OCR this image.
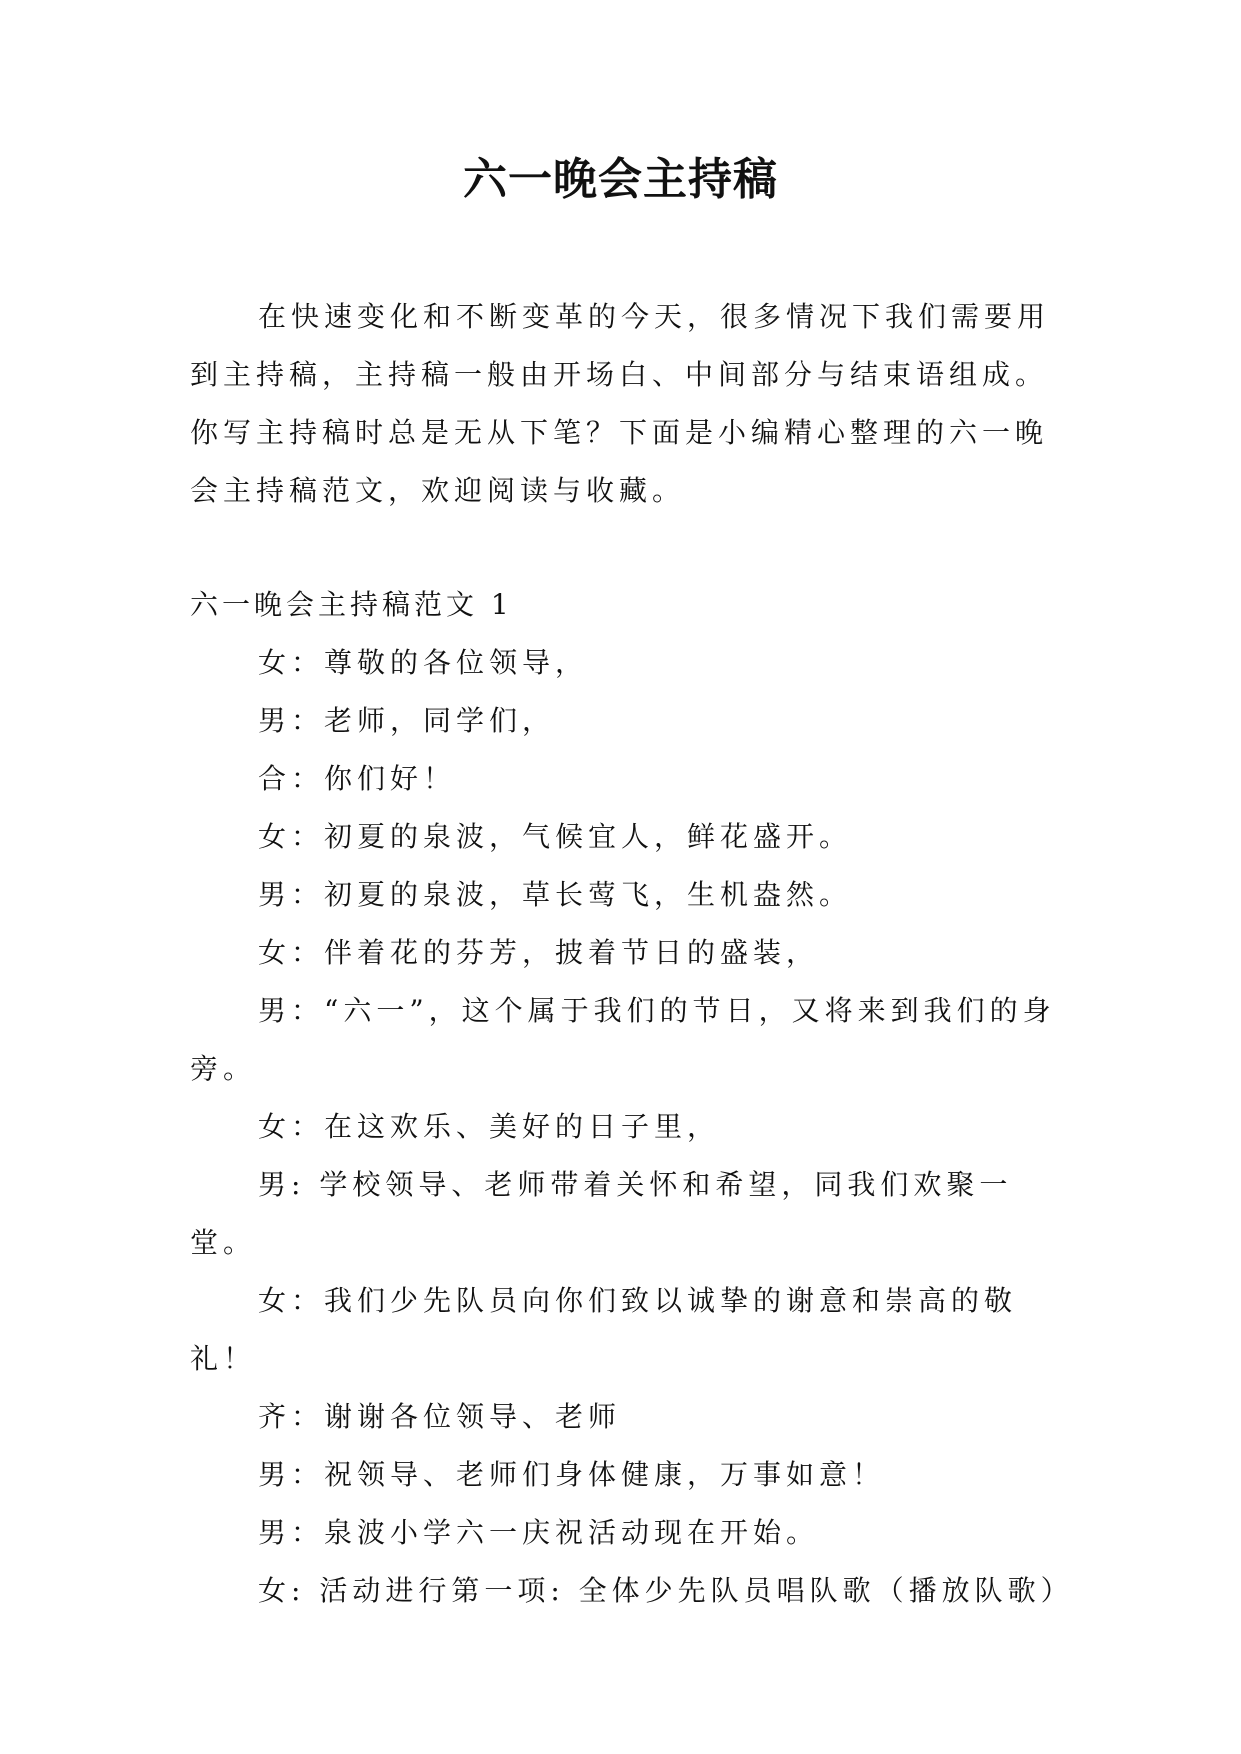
六一晚会主持稿

在快速变化和不断变革的今天，很多情况下我们需要用到主持稿，主持稿一般由开场白、中间部分与结束语组成。你写主持稿时总是无从下笔？下面是小编精心整理的六一晚会主持稿范文，欢迎阅读与收藏。

六一晚会主持稿范文 1

女：尊敬的各位领导，

男：老师，同学们，

合：你们好！

女：初夏的泉波，气候宜人，鲜花盛开。

男：初夏的泉波，草长莺飞，生机盎然。

女：伴着花的芬芳，披着节日的盛装，

男：“六一”，这个属于我们的节日，又将来到我们的身旁。

女：在这欢乐、美好的日子里，

男: 学校领导、老师带着关怀和希望，同我们欢聚一堂。

女：我们少先队员向你们致以诚挚的谢意和崇高的敬礼！

齐：谢谢各位领导、老师

男：祝领导、老师们身体健康，万事如意！

男：泉波小学六一庆祝活动现在开始。

女: 活动进行第一项: 全体少先队员唱队歌（播放队歌）
